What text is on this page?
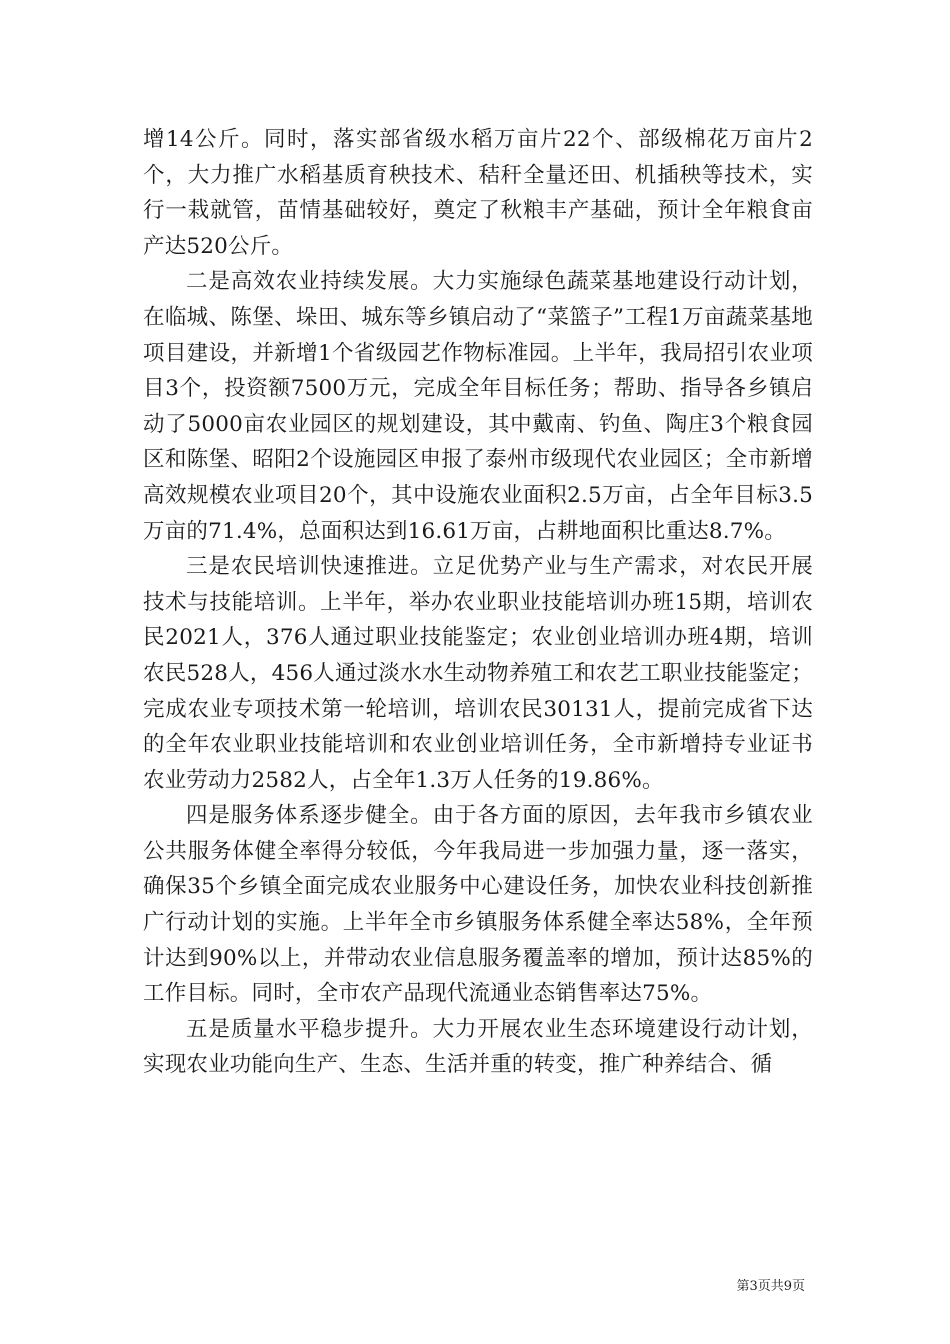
增14公斤。同时，落实部省级水稻万亩片22个、部级棉花万亩片2个，大力推广水稻基质育秧技术、秸秆全量还田、机插秧等技术，实行一栽就管，苗情基础较好，奠定了秋粮丰产基础，预计全年粮食亩产达520公斤。

二是高效农业持续发展。大力实施绿色蔬菜基地建设行动计划，在临城、陈堡、垛田、城东等乡镇启动了“菜篮子”工程1万亩蔬菜基地项目建设，并新增1个省级园艺作物标准园。上半年，我局招引农业项目3个，投资额7500万元，完成全年目标任务；帮助、指导各乡镇启动了5000亩农业园区的规划建设，其中戴南、钓鱼、陶庄3个粮食园区和陈堡、昭阳2个设施园区申报了泰州市级现代农业园区；全市新增高效规模农业项目20个，其中设施农业面积2.5万亩，占全年目标3.5万亩的71.4%，总面积达到16.61万亩，占耕地面积比重达8.7%。

三是农民培训快速推进。立足优势产业与生产需求，对农民开展技术与技能培训。上半年，举办农业职业技能培训办班15期，培训农民2021人，376人通过职业技能鉴定；农业创业培训办班4期，培训农民528人，456人通过淡水水生动物养殖工和农艺工职业技能鉴定；完成农业专项技术第一轮培训，培训农民30131人，提前完成省下达的全年农业职业技能培训和农业创业培训任务，全市新增持专业证书农业劳动力2582人，占全年1.3万人任务的19.86%。

四是服务体系逐步健全。由于各方面的原因，去年我市乡镇农业公共服务体健全率得分较低，今年我局进一步加强力量，逐一落实，确保35个乡镇全面完成农业服务中心建设任务，加快农业科技创新推广行动计划的实施。上半年全市乡镇服务体系健全率达58%，全年预计达到90%以上，并带动农业信息服务覆盖率的增加，预计达85%的工作目标。同时，全市农产品现代流通业态销售率达75%。

五是质量水平稳步提升。大力开展农业生态环境建设行动计划，实现农业功能向生产、生态、生活并重的转变，推广种养结合、循

第3页共9页
